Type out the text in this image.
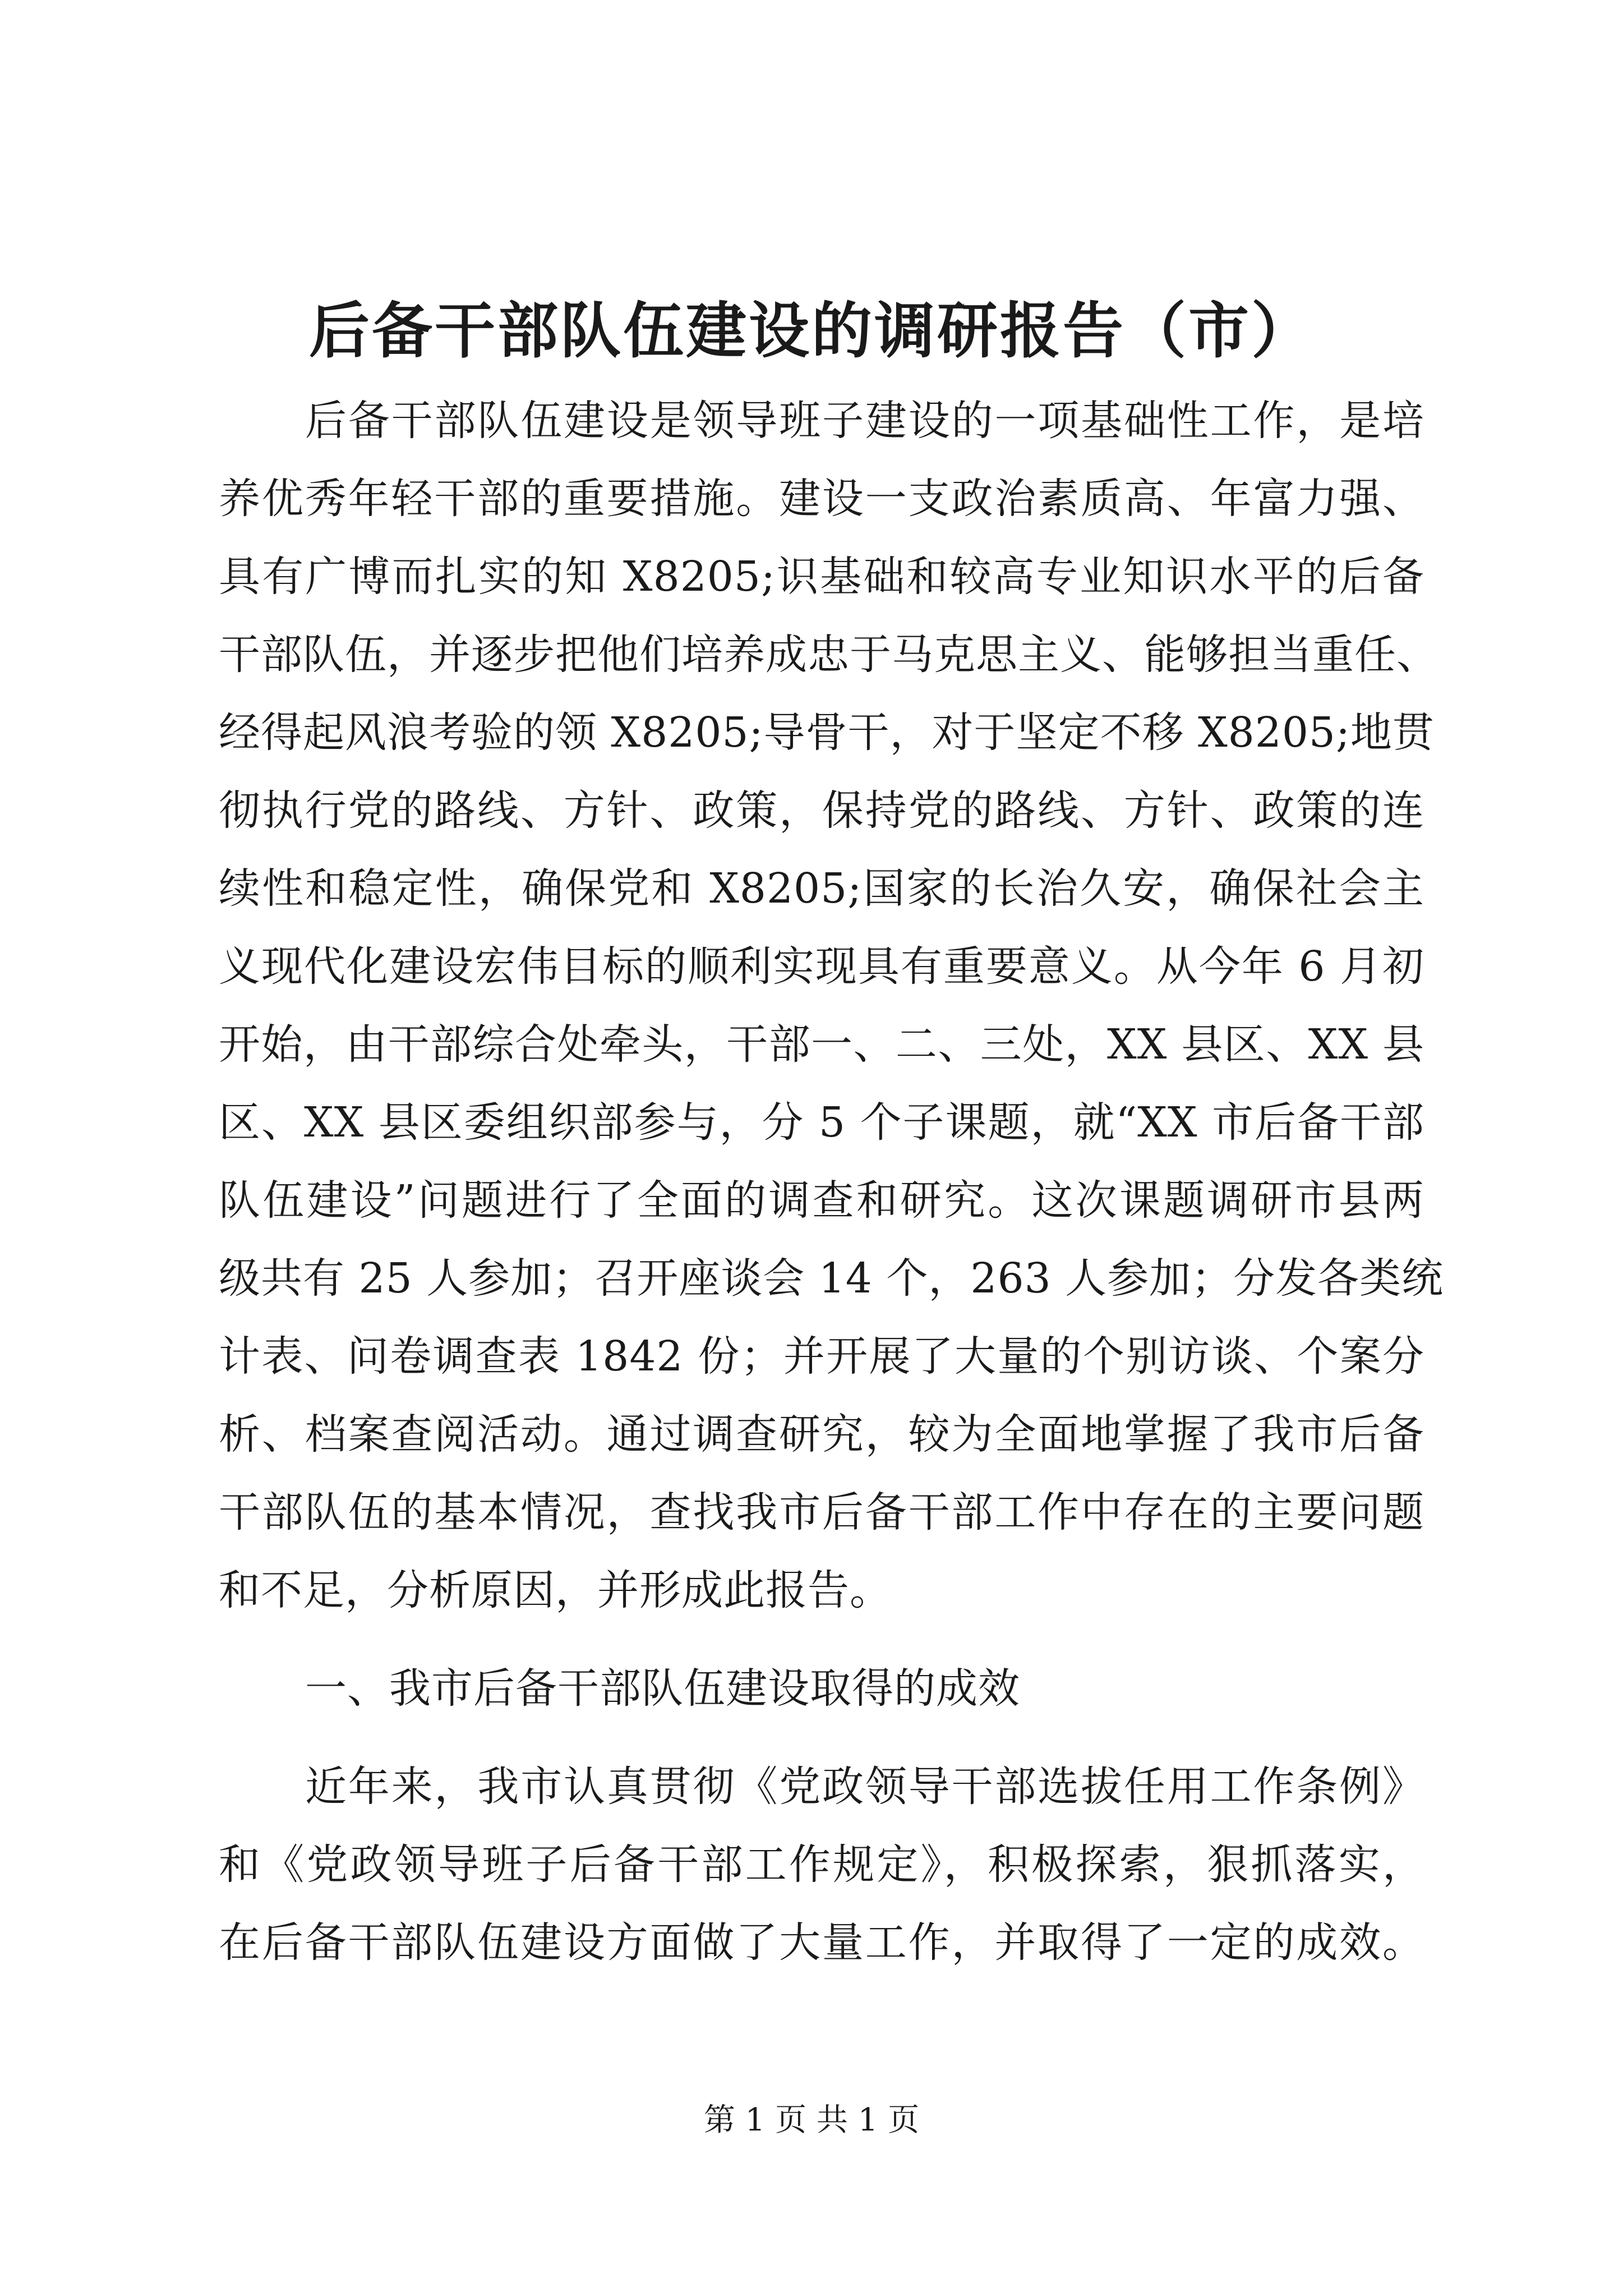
后备干部队伍建设的调研报告（市）
后备干部队伍建设是领导班子建设的一项基础性工作，是培
养优秀年轻干部的重要措施。建设一支政治素质高、年富力强、
具有广博而扎实的知 X8205;识基础和较高专业知识水平的后备
干部队伍，并逐步把他们培养成忠于马克思主义、能够担当重任、
经得起风浪考验的领 X8205;导骨干，对于坚定不移 X8205;地贯
彻执行党的路线、方针、政策，保持党的路线、方针、政策的连
续性和稳定性，确保党和 X8205;国家的长治久安，确保社会主
义现代化建设宏伟目标的顺利实现具有重要意义。从今年 6 月初
开始，由干部综合处牵头，干部一、二、三处，XX 县区、XX 县
区、XX 县区委组织部参与，分 5 个子课题，就“XX 市后备干部
队伍建设”问题进行了全面的调查和研究。这次课题调研市县两
级共有 25 人参加；召开座谈会 14 个，263 人参加；分发各类统
计表、问卷调查表 1842 份；并开展了大量的个别访谈、个案分
析、档案查阅活动。通过调查研究，较为全面地掌握了我市后备
干部队伍的基本情况，查找我市后备干部工作中存在的主要问题
和不足，分析原因，并形成此报告。
一、我市后备干部队伍建设取得的成效
近年来，我市认真贯彻《党政领导干部选拔任用工作条例》
和《党政领导班子后备干部工作规定》，积极探索，狠抓落实，
在后备干部队伍建设方面做了大量工作，并取得了一定的成效。
第 1 页 共 1 页
